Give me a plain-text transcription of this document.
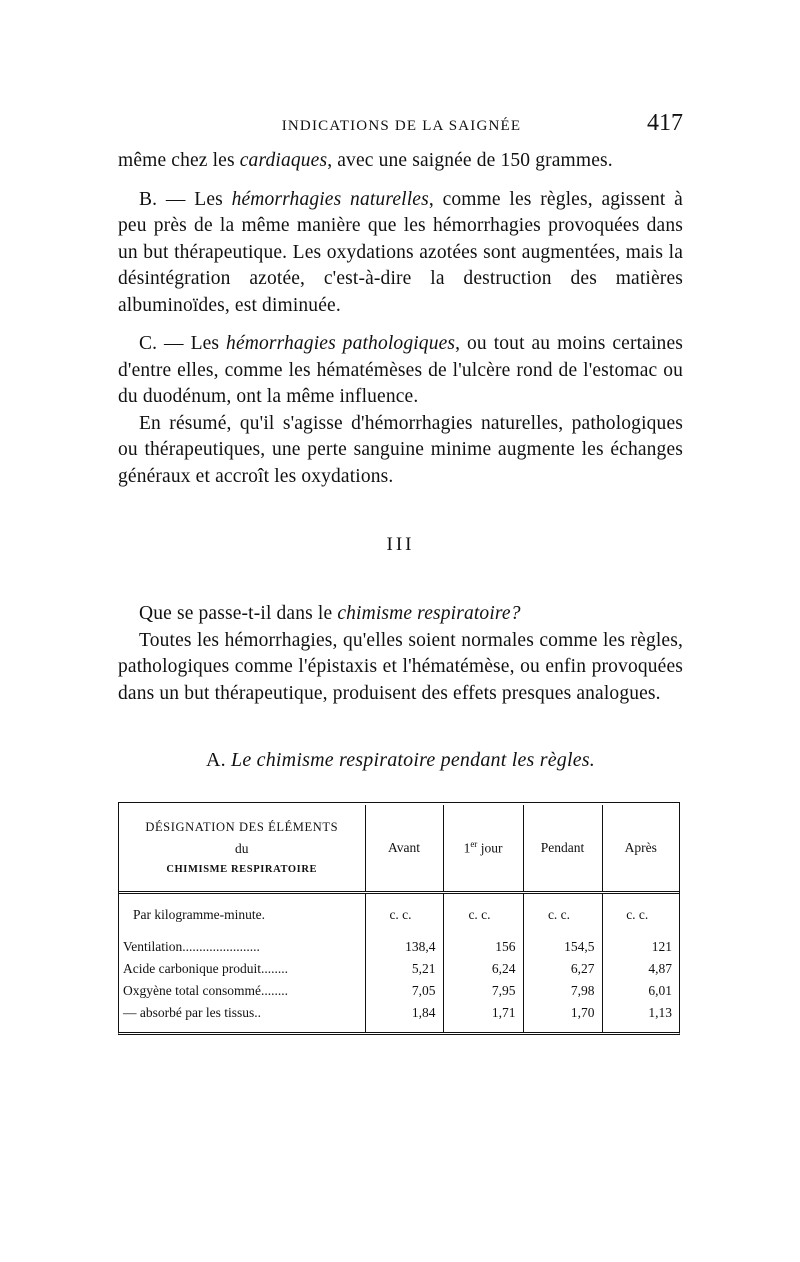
INDICATIONS DE LA SAIGNÉE	417

même chez les cardiaques, avec une saignée de 150 grammes.

B. — Les hémorrhagies naturelles, comme les règles, agissent à peu près de la même manière que les hémorrhagies provoquées dans un but thérapeutique. Les oxydations azotées sont augmentées, mais la désintégration azotée, c'est-à-dire la destruction des matières albuminoïdes, est diminuée.

C. — Les hémorrhagies pathologiques, ou tout au moins certaines d'entre elles, comme les hématémèses de l'ulcère rond de l'estomac ou du duodénum, ont la même influence.

En résumé, qu'il s'agisse d'hémorrhagies naturelles, pathologiques ou thérapeutiques, une perte sanguine minime augmente les échanges généraux et accroît les oxydations.

III

Que se passe-t-il dans le chimisme respiratoire?

Toutes les hémorrhagies, qu'elles soient normales comme les règles, pathologiques comme l'épistaxis et l'hématémèse, ou enfin provoquées dans un but thérapeutique, produisent des effets presques analogues.

A. Le chimisme respiratoire pendant les règles.
DÉSIGNATION DES ÉLÉMENTS
du
CHIMISME RESPIRATOIRE	Avant	1er jour	Pendant	Après
Par kilogramme-minute.	c. c.	c. c.	c. c.	c. c.
Ventilation.......................	138,4	156	154,5	121
Acide carbonique produit........	5,21	6,24	6,27	4,87
Oxgyène total consommé........	7,05	7,95	7,98	6,01
— absorbé par les tissus..	1,84	1,71	1,70	1,13
